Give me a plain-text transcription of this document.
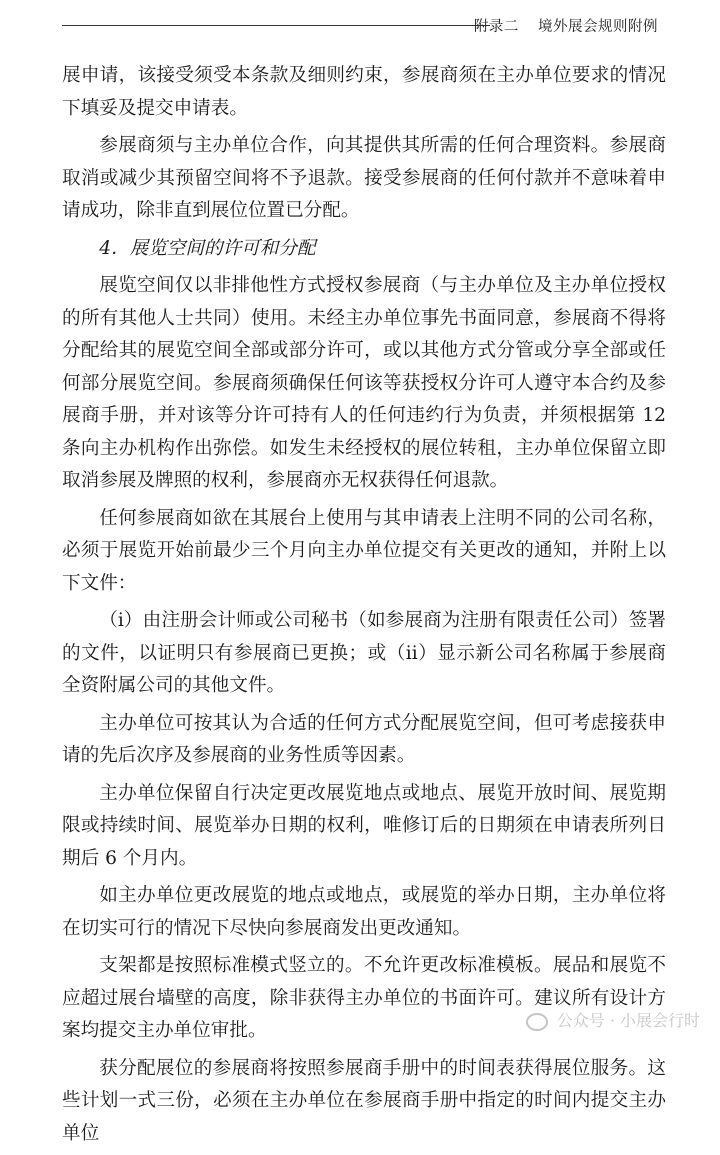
附录二 境外展会规则附例

展申请，该接受须受本条款及细则约束，参展商须在主办单位要求的情况下填妥及提交申请表。

参展商须与主办单位合作，向其提供其所需的任何合理资料。参展商取消或减少其预留空间将不予退款。接受参展商的任何付款并不意味着申请成功，除非直到展位位置已分配。

4．展览空间的许可和分配

展览空间仅以非排他性方式授权参展商（与主办单位及主办单位授权的所有其他人士共同）使用。未经主办单位事先书面同意，参展商不得将分配给其的展览空间全部或部分许可，或以其他方式分管或分享全部或任何部分展览空间。参展商须确保任何该等获授权分许可人遵守本合约及参展商手册，并对该等分许可持有人的任何违约行为负责，并须根据第 12 条向主办机构作出弥偿。如发生未经授权的展位转租，主办单位保留立即取消参展及牌照的权利，参展商亦无权获得任何退款。

任何参展商如欲在其展台上使用与其申请表上注明不同的公司名称，必须于展览开始前最少三个月向主办单位提交有关更改的通知，并附上以下文件：

（i）由注册会计师或公司秘书（如参展商为注册有限责任公司）签署的文件，以证明只有参展商已更换；或（ii）显示新公司名称属于参展商全资附属公司的其他文件。

主办单位可按其认为合适的任何方式分配展览空间，但可考虑接获申请的先后次序及参展商的业务性质等因素。

主办单位保留自行决定更改展览地点或地点、展览开放时间、展览期限或持续时间、展览举办日期的权利，唯修订后的日期须在申请表所列日期后 6 个月内。

如主办单位更改展览的地点或地点，或展览的举办日期，主办单位将在切实可行的情况下尽快向参展商发出更改通知。

支架都是按照标准模式竖立的。不允许更改标准模板。展品和展览不应超过展台墙壁的高度，除非获得主办单位的书面许可。建议所有设计方案均提交主办单位审批。

获分配展位的参展商将按照参展商手册中的时间表获得展位服务。这些计划一式三份，必须在主办单位在参展商手册中指定的时间内提交主办单位

公众号 · 小展会行时
